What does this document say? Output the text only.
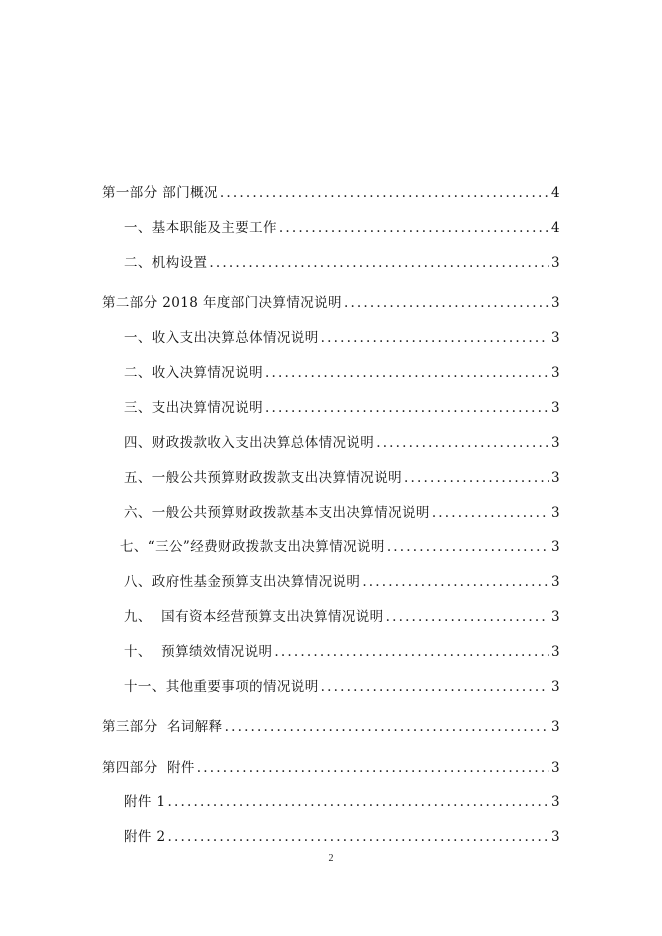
第一部分 部门概况 .....	4
一、基本职能及主要工作 .....	4
二、机构设置 .....	3
第二部分 2018 年度部门决算情况说明 .....	3
一、收入支出决算总体情况说明 .....	3
二、收入决算情况说明 .....	3
三、支出决算情况说明 .....	3
四、财政拨款收入支出决算总体情况说明 .....	3
五、一般公共预算财政拨款支出决算情况说明 .....	3
六、一般公共预算财政拨款基本支出决算情况说明 .....	3
七、“三公”经费财政拨款支出决算情况说明 .....	3
八、政府性基金预算支出决算情况说明 .....	3
九、  国有资本经营预算支出决算情况说明 .....	3
十、  预算绩效情况说明 .....	3
十一、其他重要事项的情况说明 .....	3
第三部分  名词解释 .....	3
第四部分  附件 .....	3
附件 1 .....	3
附件 2 .....	3
2
